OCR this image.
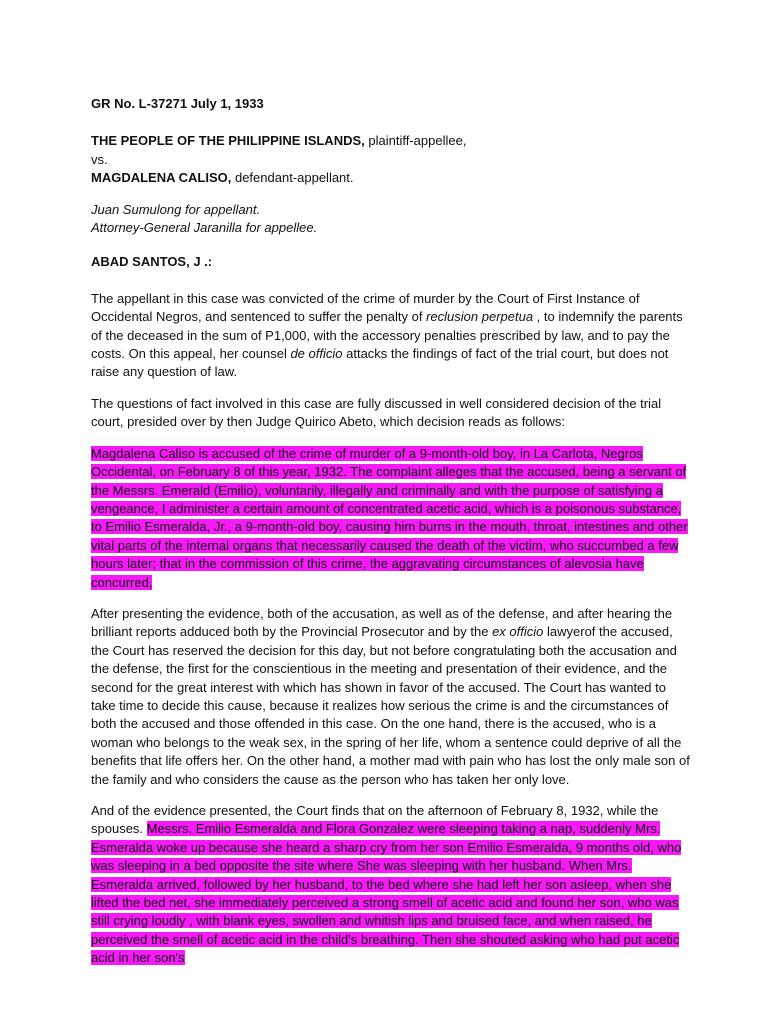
GR No. L-37271 July 1, 1933

THE PEOPLE OF THE PHILIPPINE ISLANDS, plaintiff-appellee,
vs.
MAGDALENA CALISO, defendant-appellant.

Juan Sumulong for appellant.
Attorney-General Jaranilla for appellee.

ABAD SANTOS, J .:

The appellant in this case was convicted of the crime of murder by the Court of First Instance of Occidental Negros, and sentenced to suffer the penalty of reclusion perpetua , to indemnify the parents of the deceased in the sum of P1,000, with the accessory penalties prescribed by law, and to pay the costs. On this appeal, her counsel de officio attacks the findings of fact of the trial court, but does not raise any question of law.

The questions of fact involved in this case are fully discussed in well considered decision of the trial court, presided over by then Judge Quirico Abeto, which decision reads as follows:

Magdalena Caliso is accused of the crime of murder of a 9-month-old boy, in La Carlota, Negros Occidental, on February 8 of this year, 1932. The complaint alleges that the accused, being a servant of the Messrs. Emerald (Emilio), voluntarily, illegally and criminally and with the purpose of satisfying a vengeance, I administer a certain amount of concentrated acetic acid, which is a poisonous substance, to Emilio Esmeralda, Jr., a 9-month-old boy, causing him burns in the mouth, throat, intestines and other vital parts of the internal organs that necessarily caused the death of the victim, who succumbed a few hours later; that in the commission of this crime, the aggravating circumstances of alevosia have concurred,

After presenting the evidence, both of the accusation, as well as of the defense, and after hearing the brilliant reports adduced both by the Provincial Prosecutor and by the ex officio lawyerof the accused, the Court has reserved the decision for this day, but not before congratulating both the accusation and the defense, the first for the conscientious in the meeting and presentation of their evidence, and the second for the great interest with which has shown in favor of the accused. The Court has wanted to take time to decide this cause, because it realizes how serious the crime is and the circumstances of both the accused and those offended in this case. On the one hand, there is the accused, who is a woman who belongs to the weak sex, in the spring of her life, whom a sentence could deprive of all the benefits that life offers her. On the other hand, a mother mad with pain who has lost the only male son of the family and who considers the cause as the person who has taken her only love.

And of the evidence presented, the Court finds that on the afternoon of February 8, 1932, while the spouses. Messrs. Emilio Esmeralda and Flora Gonzalez were sleeping taking a nap, suddenly Mrs. Esmeralda woke up because she heard a sharp cry from her son Emilio Esmeralda, 9 months old, who was sleeping in a bed opposite the site where She was sleeping with her husband. When Mrs. Esmeralda arrived, followed by her husband, to the bed where she had left her son asleep, when she lifted the bed net, she immediately perceived a strong smell of acetic acid and found her son, who was still crying loudly , with blank eyes, swollen and whitish lips and bruised face, and when raised, he perceived the smell of acetic acid in the child's breathing. Then she shouted asking who had put acetic acid in her son's
